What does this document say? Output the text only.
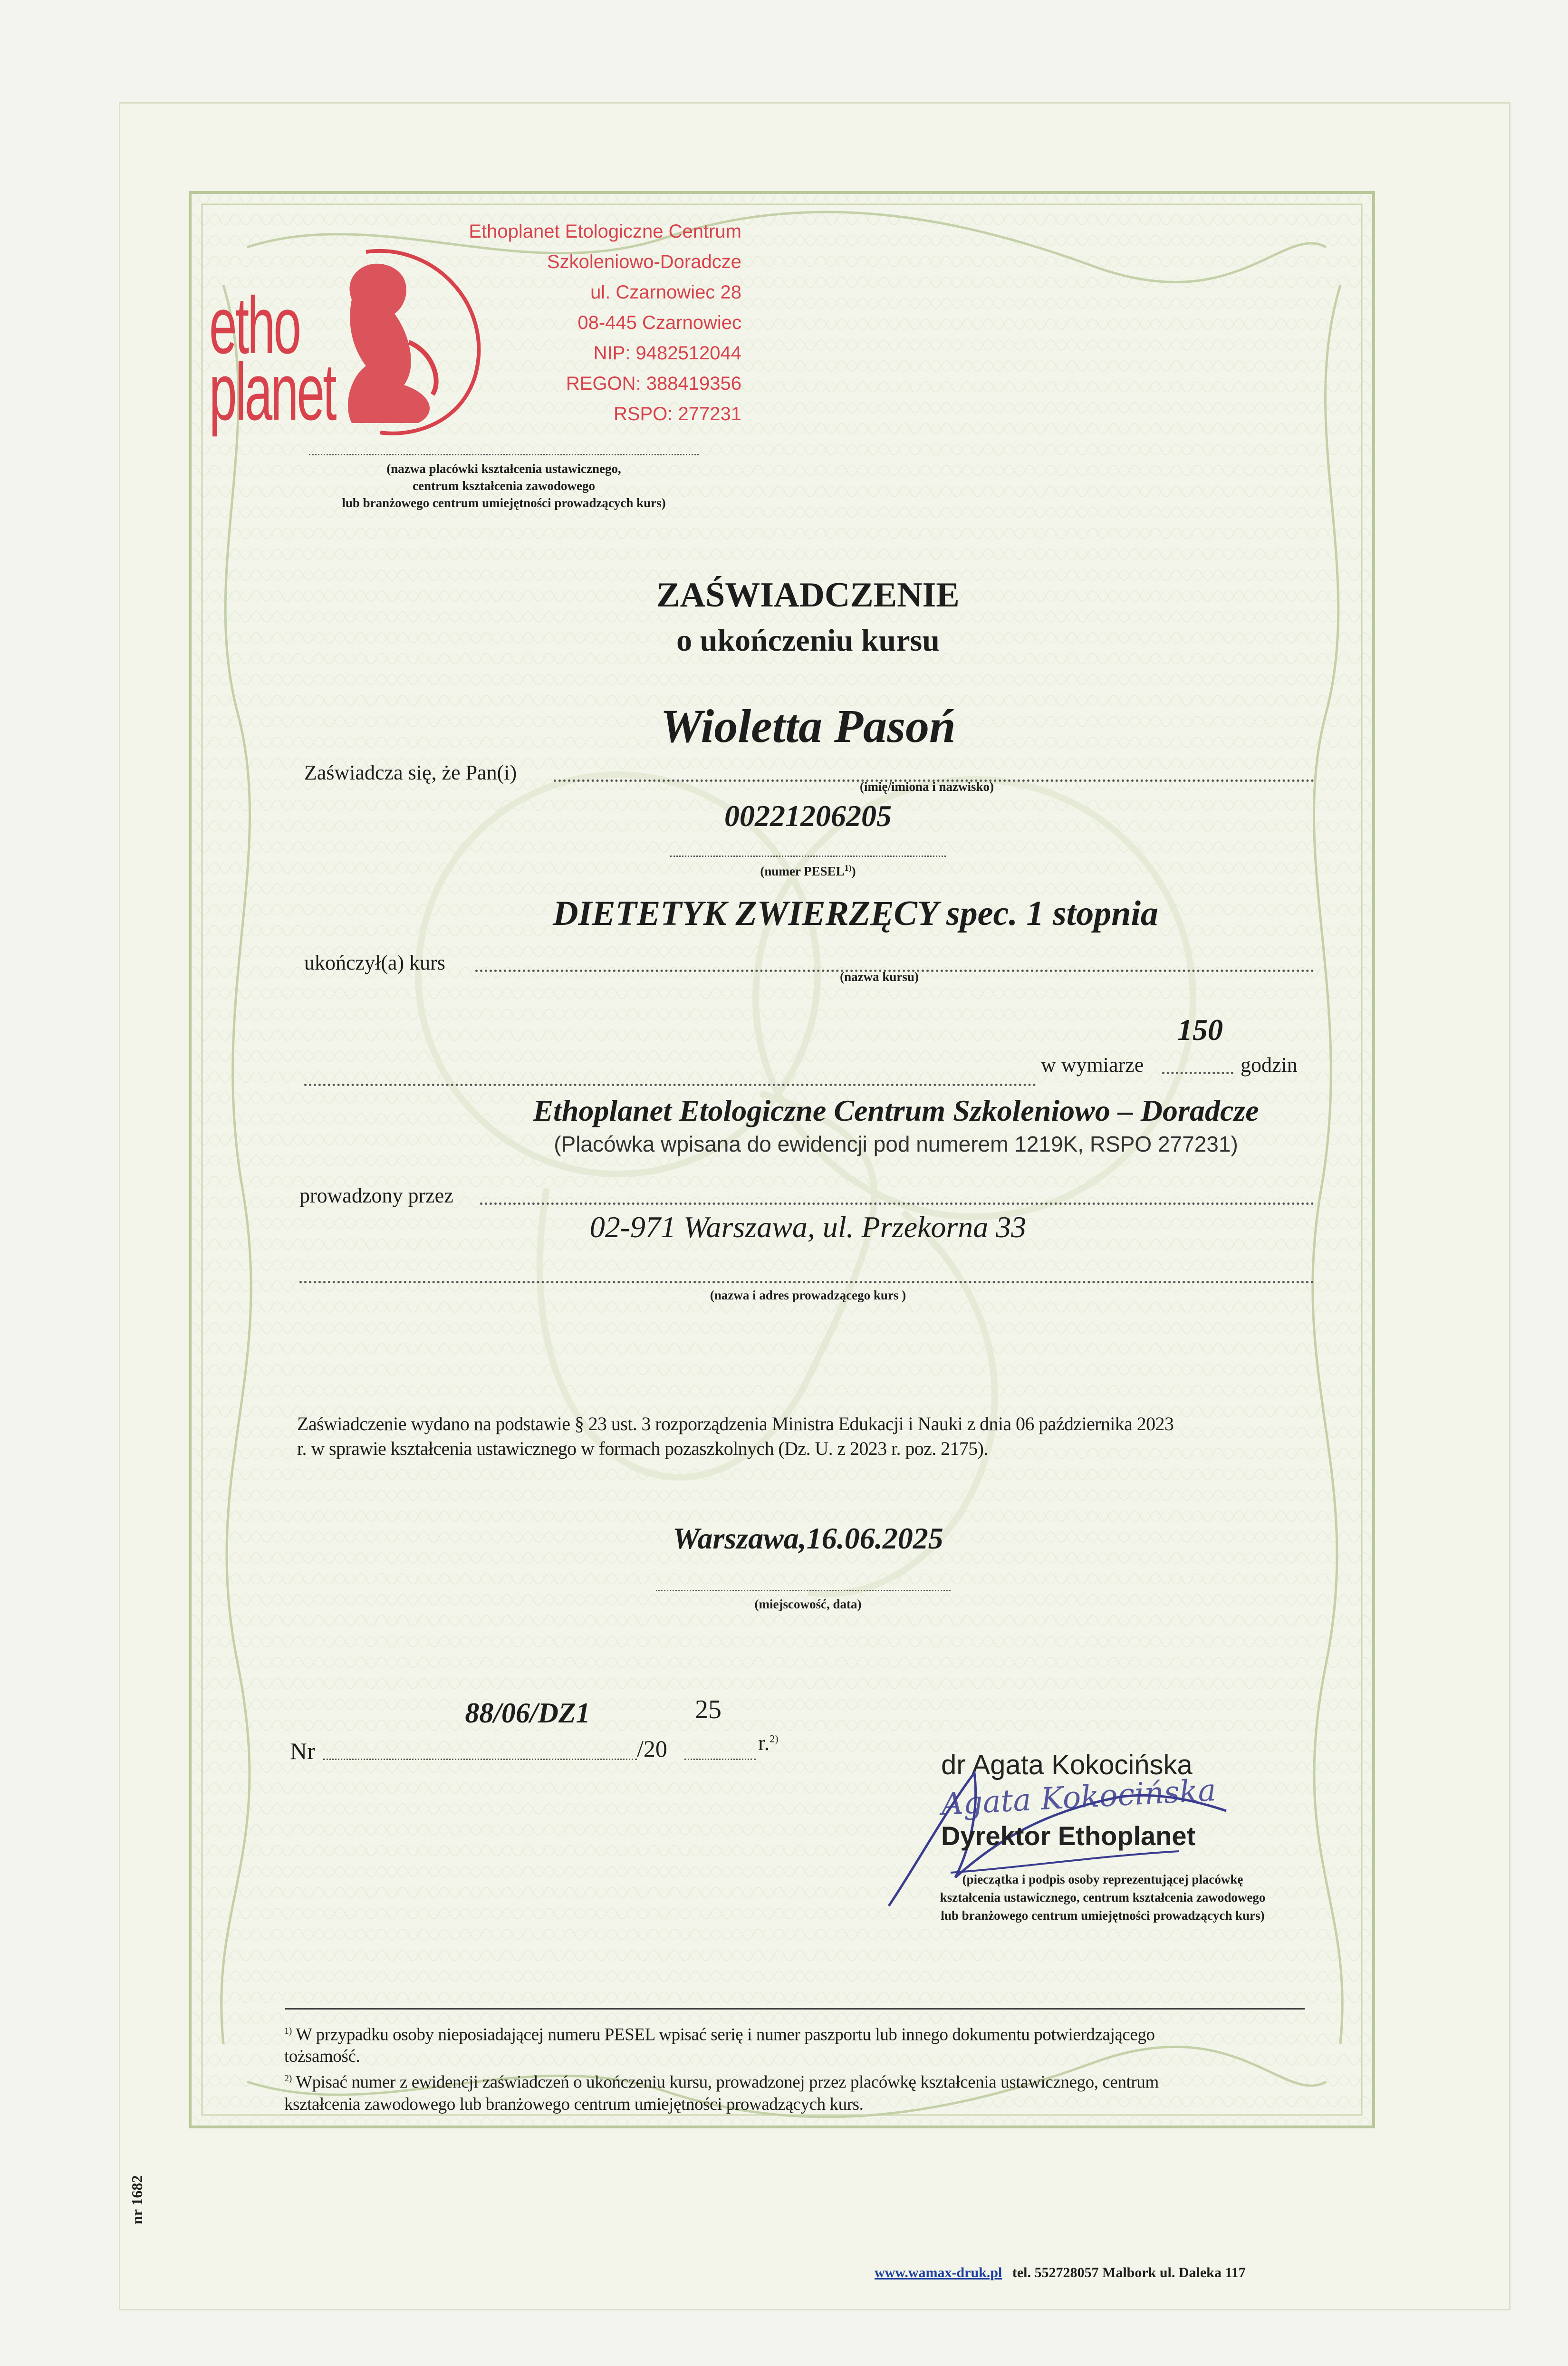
etho
planet
Ethoplanet Etologiczne Centrum
Szkoleniowo-Doradcze
ul. Czarnowiec 28
08-445 Czarnowiec
NIP: 9482512044
REGON: 388419356
RSPO: 277231
(nazwa placówki kształcenia ustawicznego,
centrum kształcenia zawodowego
lub branżowego centrum umiejętności prowadzących kurs)
ZAŚWIADCZENIE
o ukończeniu kursu
Wioletta Pasoń
Zaświadcza się, że Pan(i)
(imię/imiona i nazwisko)
00221206205
(numer PESEL$^{1)}$)
DIETETYK ZWIERZĘCY spec. 1 stopnia
ukończył(a) kurs
(nazwa kursu)
150
w wymiarze	godzin
Ethoplanet Etologiczne Centrum Szkoleniowo – Doradcze
(Placówka wpisana do ewidencji pod numerem 1219K, RSPO 277231)
prowadzony przez
02-971 Warszawa, ul. Przekorna 33
(nazwa i adres prowadzącego kurs )
Zaświadczenie wydano na podstawie § 23 ust. 3 rozporządzenia Ministra Edukacji i Nauki z dnia 06 października 2023
r. w sprawie kształcenia ustawicznego w formach pozaszkolnych (Dz. U. z 2023 r. poz. 2175).
Warszawa,16.06.2025
(miejscowość, data)
88/06/DZ1	25
Nr	/20	r.$^{2)}$
dr Agata Kokocińska
Agata Kokocińska
Dyrektor Ethoplanet
(pieczątka i podpis osoby reprezentującej placówkę
kształcenia ustawicznego, centrum kształcenia zawodowego
lub branżowego centrum umiejętności prowadzących kurs)
$^{1)}$ W przypadku osoby nieposiadającej numeru PESEL wpisać serię i numer paszportu lub innego dokumentu potwierdzającego
tożsamość.
$^{2)}$ Wpisać numer z ewidencji zaświadczeń o ukończeniu kursu, prowadzonej przez placówkę kształcenia ustawicznego, centrum
kształcenia zawodowego lub branżowego centrum umiejętności prowadzących kurs.
www.wamax-druk.pl tel. 552728057 Malbork ul. Daleka 117
nr 1682
